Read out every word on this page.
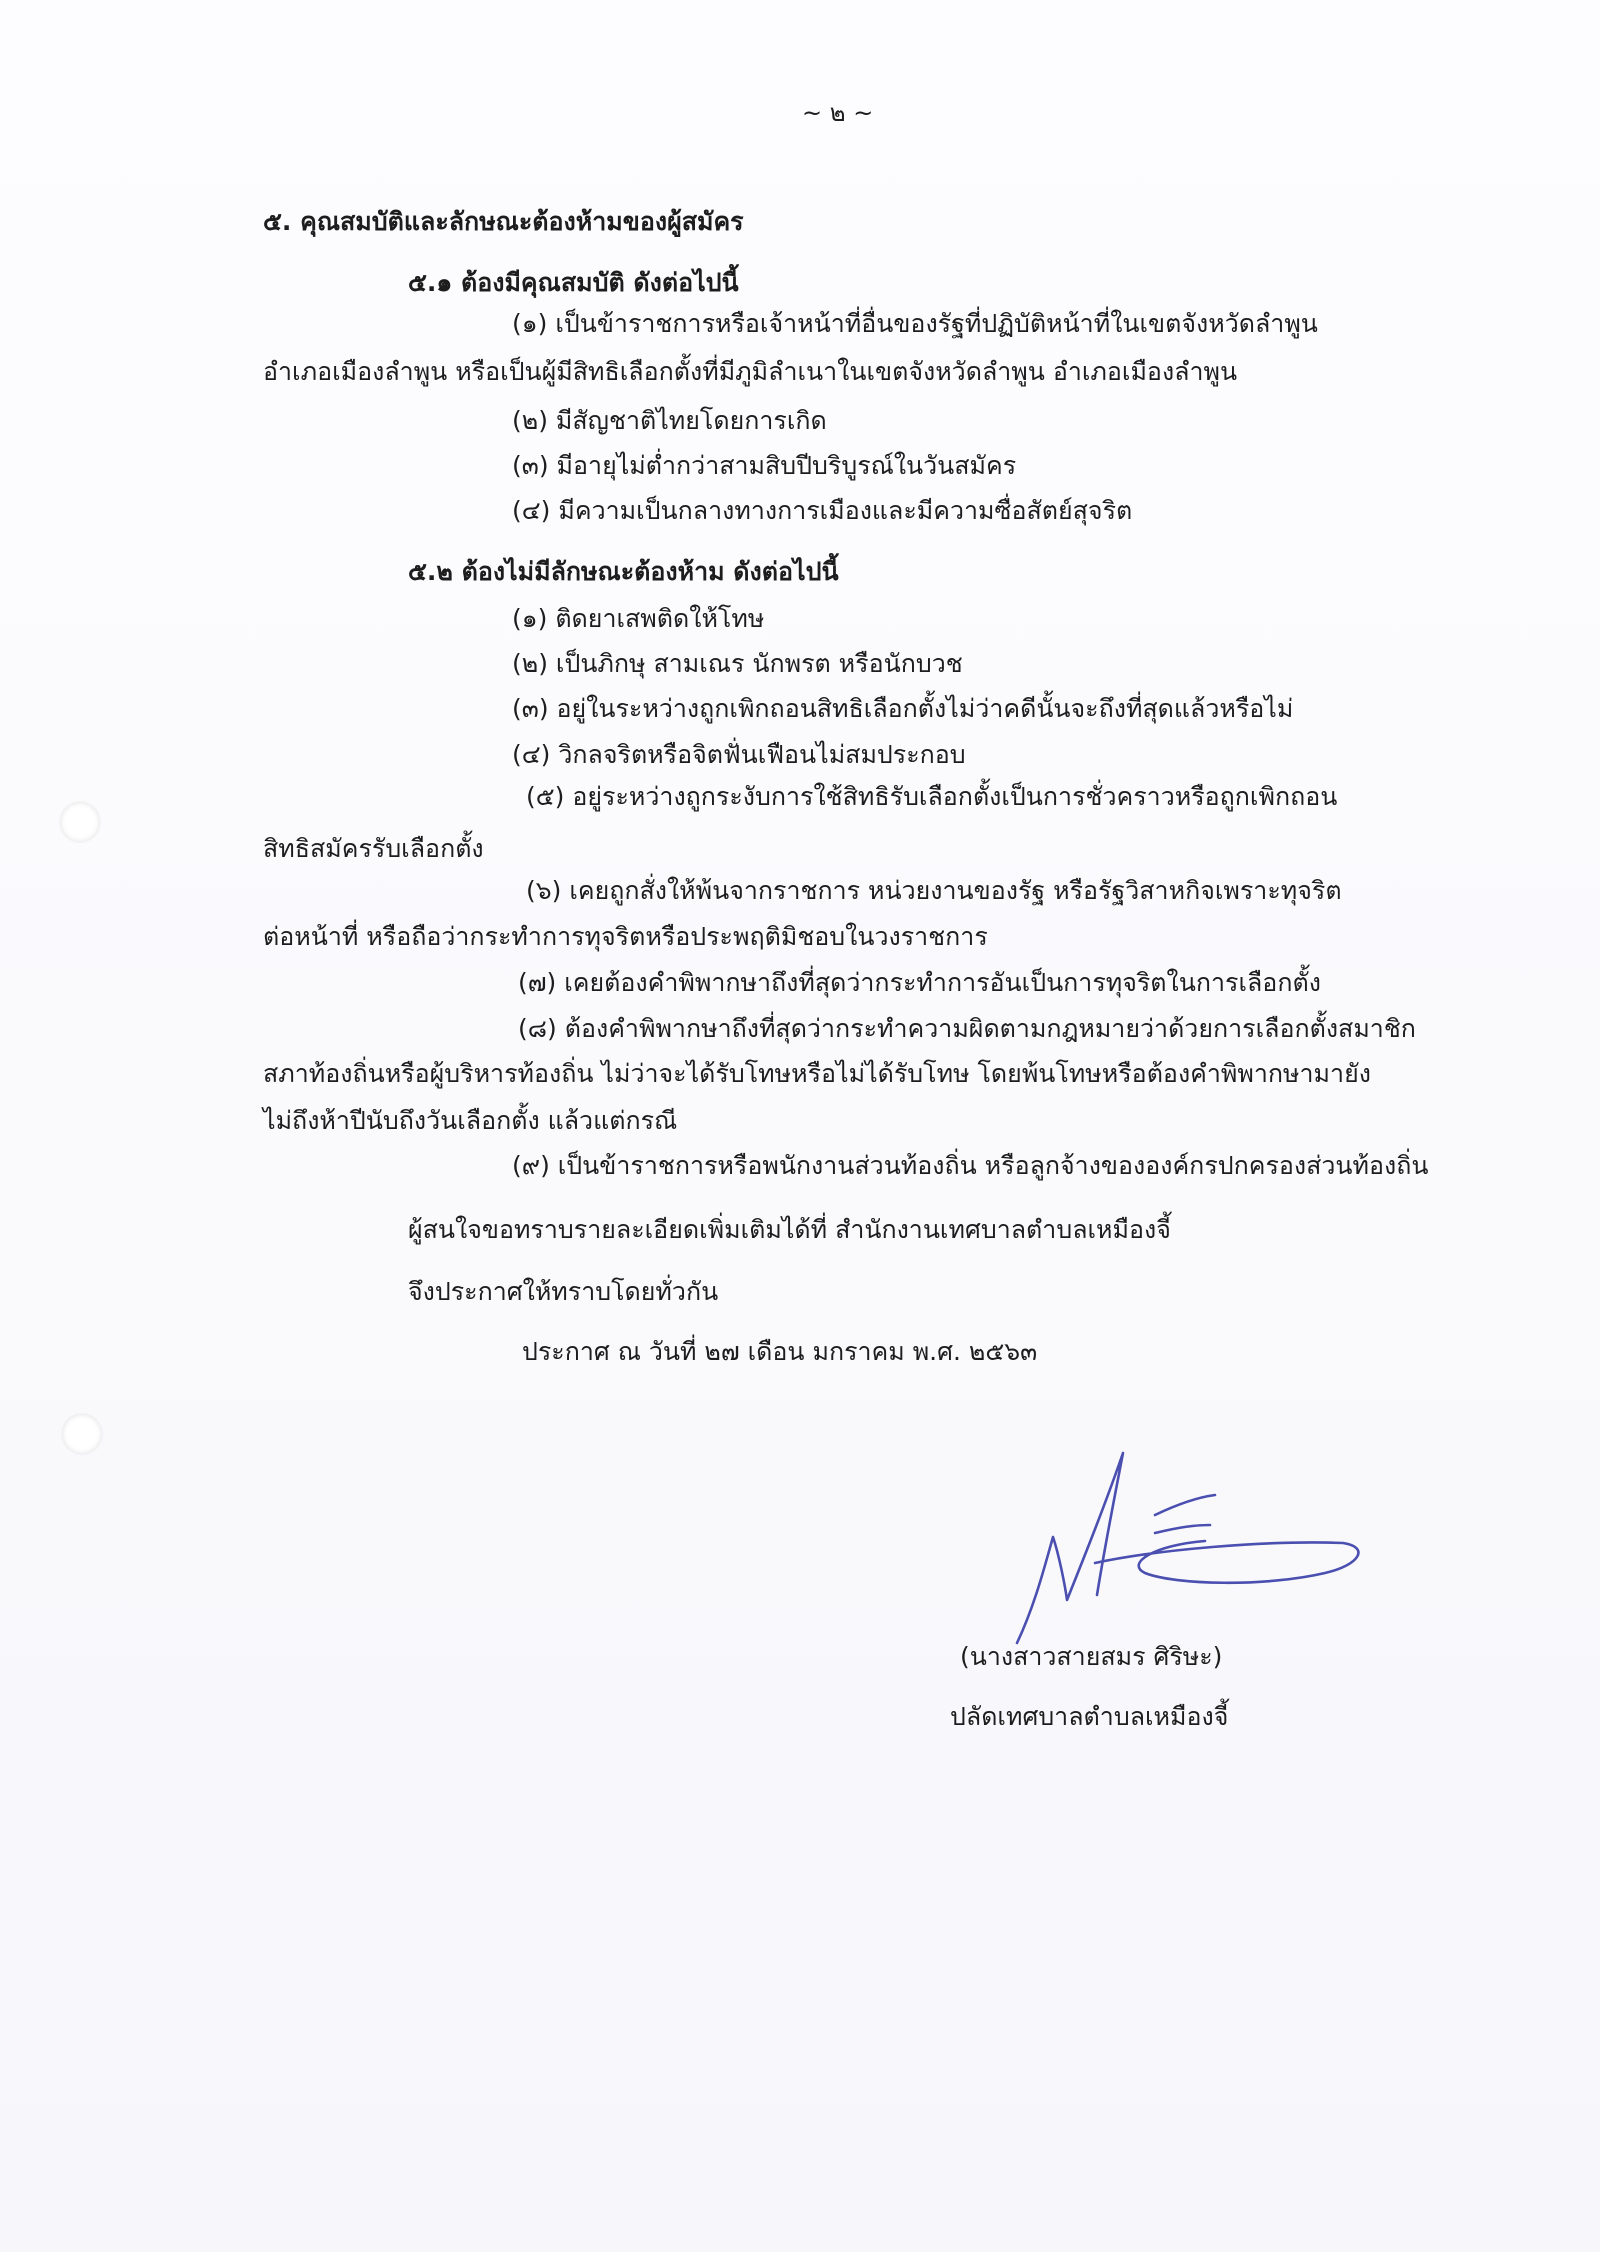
~ ๒ ~
๕. คุณสมบัติและลักษณะต้องห้ามของผู้สมัคร
๕.๑ ต้องมีคุณสมบัติ ดังต่อไปนี้
(๑) เป็นข้าราชการหรือเจ้าหน้าที่อื่นของรัฐที่ปฏิบัติหน้าที่ในเขตจังหวัดลำพูน
อำเภอเมืองลำพูน หรือเป็นผู้มีสิทธิเลือกตั้งที่มีภูมิลำเนาในเขตจังหวัดลำพูน อำเภอเมืองลำพูน
(๒) มีสัญชาติไทยโดยการเกิด
(๓) มีอายุไม่ต่ำกว่าสามสิบปีบริบูรณ์ในวันสมัคร
(๔) มีความเป็นกลางทางการเมืองและมีความซื่อสัตย์สุจริต
๕.๒ ต้องไม่มีลักษณะต้องห้าม ดังต่อไปนี้
(๑) ติดยาเสพติดให้โทษ
(๒) เป็นภิกษุ สามเณร นักพรต หรือนักบวช
(๓) อยู่ในระหว่างถูกเพิกถอนสิทธิเลือกตั้งไม่ว่าคดีนั้นจะถึงที่สุดแล้วหรือไม่
(๔) วิกลจริตหรือจิตฟั่นเฟือนไม่สมประกอบ
(๕) อยู่ระหว่างถูกระงับการใช้สิทธิรับเลือกตั้งเป็นการชั่วคราวหรือถูกเพิกถอน
สิทธิสมัครรับเลือกตั้ง
(๖) เคยถูกสั่งให้พ้นจากราชการ หน่วยงานของรัฐ หรือรัฐวิสาหกิจเพราะทุจริต
ต่อหน้าที่ หรือถือว่ากระทำการทุจริตหรือประพฤติมิชอบในวงราชการ
(๗) เคยต้องคำพิพากษาถึงที่สุดว่ากระทำการอันเป็นการทุจริตในการเลือกตั้ง
(๘) ต้องคำพิพากษาถึงที่สุดว่ากระทำความผิดตามกฎหมายว่าด้วยการเลือกตั้งสมาชิก
สภาท้องถิ่นหรือผู้บริหารท้องถิ่น ไม่ว่าจะได้รับโทษหรือไม่ได้รับโทษ โดยพ้นโทษหรือต้องคำพิพากษามายัง
ไม่ถึงห้าปีนับถึงวันเลือกตั้ง แล้วแต่กรณี
(๙) เป็นข้าราชการหรือพนักงานส่วนท้องถิ่น หรือลูกจ้างขององค์กรปกครองส่วนท้องถิ่น
ผู้สนใจขอทราบรายละเอียดเพิ่มเติมได้ที่ สำนักงานเทศบาลตำบลเหมืองจี้
จึงประกาศให้ทราบโดยทั่วกัน
ประกาศ ณ วันที่ ๒๗ เดือน มกราคม พ.ศ. ๒๕๖๓
(นางสาวสายสมร ศิริษะ)
ปลัดเทศบาลตำบลเหมืองจี้
